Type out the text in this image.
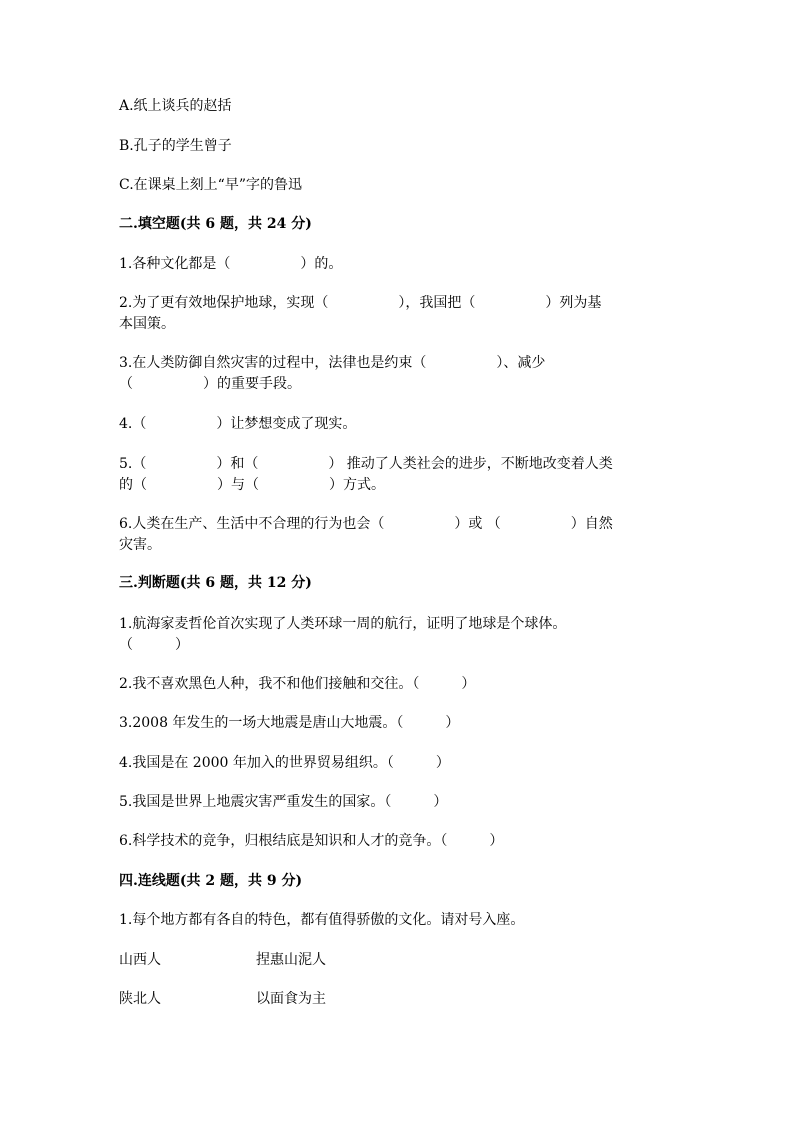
A.纸上谈兵的赵括
B.孔子的学生曾子
C.在课桌上刻上“早”字的鲁迅
二.填空题(共 6 题，共 24 分)
1.各种文化都是（　　　　　）的。
2.为了更有效地保护地球，实现（　　　　　），我国把（　　　　　）列为基
本国策。
3.在人类防御自然灾害的过程中，法律也是约束（　　　　　）、减少
（　　　　　）的重要手段。
4.（　　　　　）让梦想变成了现实。
5.（　　　　　）和（　　　　　） 推动了人类社会的进步，不断地改变着人类
的（　　　　　）与（　　　　　）方式。
6.人类在生产、生活中不合理的行为也会（　　　　　）或 （　　　　　）自然
灾害。
三.判断题(共 6 题，共 12 分)
1.航海家麦哲伦首次实现了人类环球一周的航行，证明了地球是个球体。
（　　　）
2.我不喜欢黑色人种，我不和他们接触和交往。（　　　）
3.2008 年发生的一场大地震是唐山大地震。（　　　）
4.我国是在 2000 年加入的世界贸易组织。（　　　）
5.我国是世界上地震灾害严重发生的国家。（　　　）
6.科学技术的竞争，归根结底是知识和人才的竞争。（　　　）
四.连线题(共 2 题，共 9 分)
1.每个地方都有各自的特色，都有值得骄傲的文化。请对号入座。
山西人	捏惠山泥人
陕北人	以面食为主
